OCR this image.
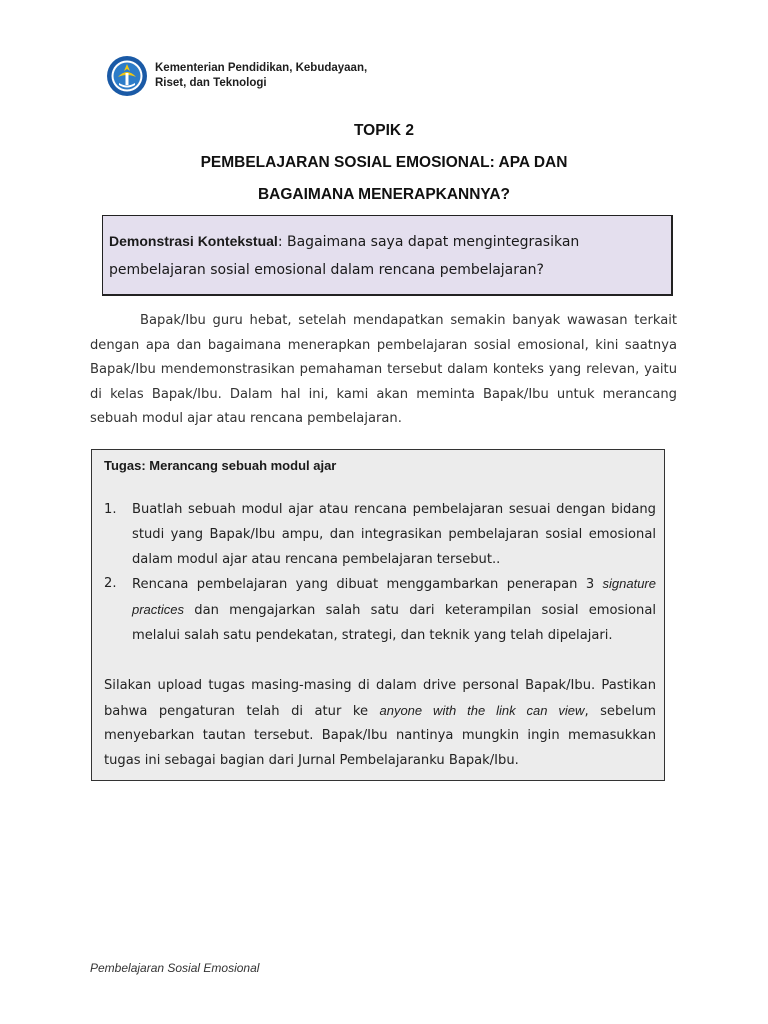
Kementerian Pendidikan, Kebudayaan,
Riset, dan Teknologi
TOPIK 2
PEMBELAJARAN SOSIAL EMOSIONAL: APA DAN
BAGAIMANA MENERAPKANNYA?
Demonstrasi Kontekstual: Bagaimana saya dapat mengintegrasikan pembelajaran sosial emosional dalam rencana pembelajaran?
Bapak/Ibu guru hebat, setelah mendapatkan semakin banyak wawasan terkait dengan apa dan bagaimana menerapkan pembelajaran sosial emosional, kini saatnya Bapak/Ibu mendemonstrasikan pemahaman tersebut dalam konteks yang relevan, yaitu di kelas Bapak/Ibu. Dalam hal ini, kami akan meminta Bapak/Ibu untuk merancang sebuah modul ajar atau rencana pembelajaran.
Tugas: Merancang sebuah modul ajar
1. Buatlah sebuah modul ajar atau rencana pembelajaran sesuai dengan bidang studi yang Bapak/Ibu ampu, dan integrasikan pembelajaran sosial emosional dalam modul ajar atau rencana pembelajaran tersebut..
2. Rencana pembelajaran yang dibuat menggambarkan penerapan 3 signature practices dan mengajarkan salah satu dari keterampilan sosial emosional melalui salah satu pendekatan, strategi, dan teknik yang telah dipelajari.
Silakan upload tugas masing-masing di dalam drive personal Bapak/Ibu. Pastikan bahwa pengaturan telah di atur ke anyone with the link can view, sebelum menyebarkan tautan tersebut. Bapak/Ibu nantinya mungkin ingin memasukkan tugas ini sebagai bagian dari Jurnal Pembelajaranku Bapak/Ibu.
Pembelajaran Sosial Emosional
